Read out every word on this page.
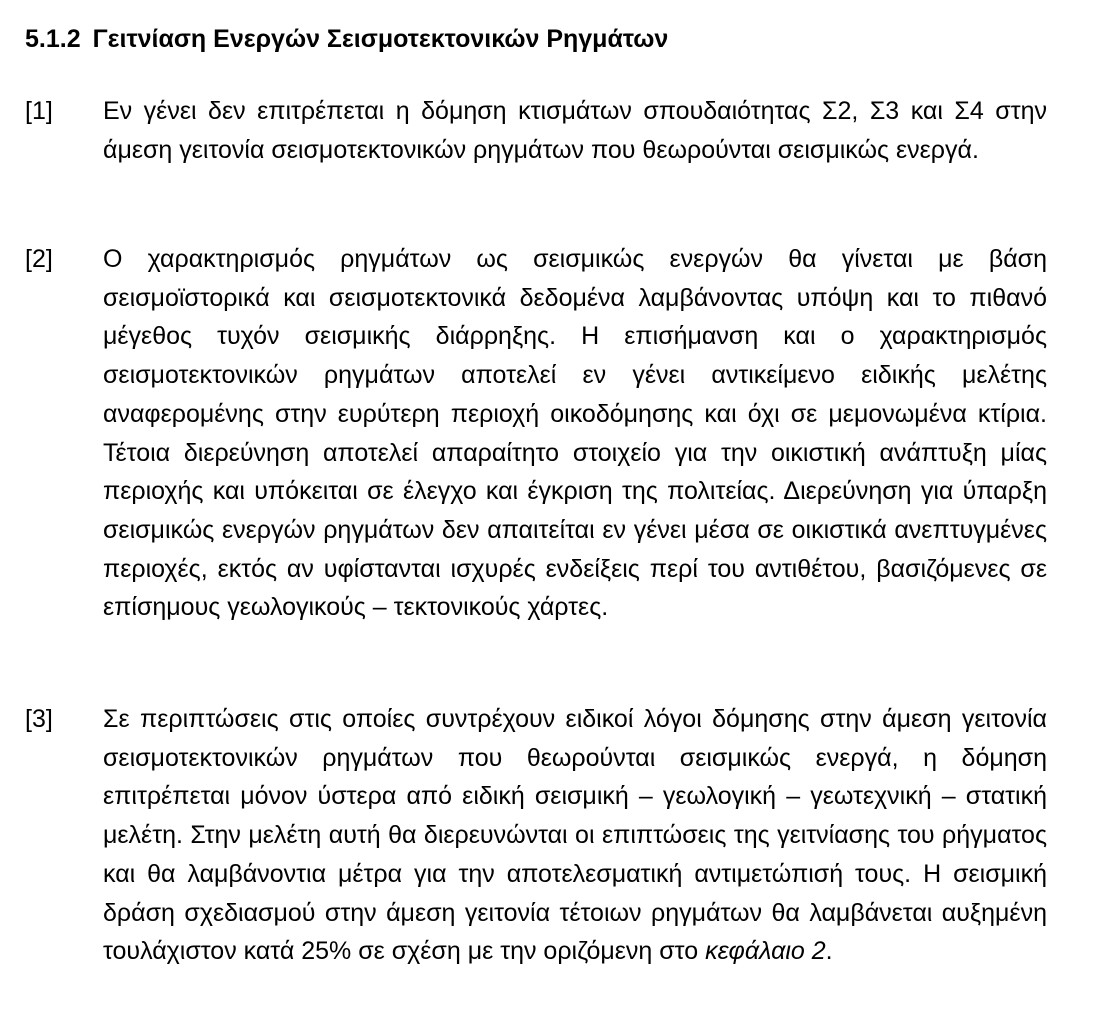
5.1.2 Γειτνίαση Ενεργών Σεισμοτεκτονικών Ρηγμάτων
[1] Εν γένει δεν επιτρέπεται η δόμηση κτισμάτων σπουδαιότητας Σ2, Σ3 και Σ4 στην άμεση γειτονία σεισμοτεκτονικών ρηγμάτων που θεωρούνται σεισμικώς ενεργά.
[2] Ο χαρακτηρισμός ρηγμάτων ως σεισμικώς ενεργών θα γίνεται με βάση σεισμοϊστορικά και σεισμοτεκτονικά δεδομένα λαμβάνοντας υπόψη και το πιθανό μέγεθος τυχόν σεισμικής διάρρηξης. Η επισήμανση και ο χαρακτηρισμός σεισμοτεκτονικών ρηγμάτων αποτελεί εν γένει αντικείμενο ειδικής μελέτης αναφερομένης στην ευρύτερη περιοχή οικοδόμησης και όχι σε μεμονωμένα κτίρια. Τέτοια διερεύνηση αποτελεί απαραίτητο στοιχείο για την οικιστική ανάπτυξη μίας περιοχής και υπόκειται σε έλεγχο και έγκριση της πολιτείας. Διερεύνηση για ύπαρξη σεισμικώς ενεργών ρηγμάτων δεν απαιτείται εν γένει μέσα σε οικιστικά ανεπτυγμένες περιοχές, εκτός αν υφίστανται ισχυρές ενδείξεις περί του αντιθέτου, βασιζόμενες σε επίσημους γεωλογικούς – τεκτονικούς χάρτες.
[3] Σε περιπτώσεις στις οποίες συντρέχουν ειδικοί λόγοι δόμησης στην άμεση γειτονία σεισμοτεκτονικών ρηγμάτων που θεωρούνται σεισμικώς ενεργά, η δόμηση επιτρέπεται μόνον ύστερα από ειδική σεισμική – γεωλογική – γεωτεχνική – στατική μελέτη. Στην μελέτη αυτή θα διερευνώνται οι επιπτώσεις της γειτνίασης του ρήγματος και θα λαμβάνοντια μέτρα για την αποτελεσματική αντιμετώπισή τους. Η σεισμική δράση σχεδιασμού στην άμεση γειτονία τέτοιων ρηγμάτων θα λαμβάνεται αυξημένη τουλάχιστον κατά 25% σε σχέση με την οριζόμενη στο κεφάλαιο 2.
